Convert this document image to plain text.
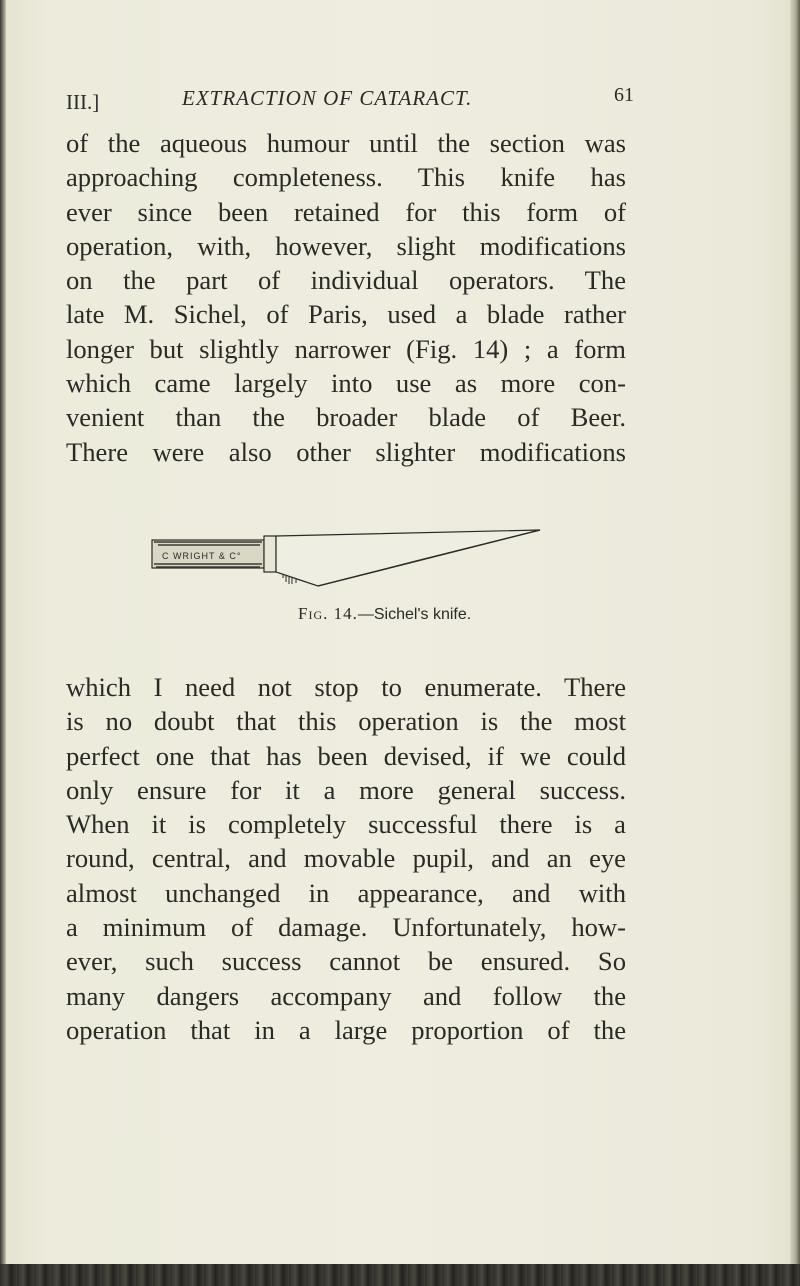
III.]	EXTRACTION OF CATARACT.	61
of the aqueous humour until the section was
approaching completeness. This knife has
ever since been retained for this form of
operation, with, however, slight modifications
on the part of individual operators. The
late M. Sichel, of Paris, used a blade rather
longer but slightly narrower (Fig. 14) ; a form
which came largely into use as more con-
venient than the broader blade of Beer.
There were also other slighter modifications
C WRIGHT & C°
Fig. 14.—Sichel's knife.
which I need not stop to enumerate. There
is no doubt that this operation is the most
perfect one that has been devised, if we could
only ensure for it a more general success.
When it is completely successful there is a
round, central, and movable pupil, and an eye
almost unchanged in appearance, and with
a minimum of damage. Unfortunately, how-
ever, such success cannot be ensured. So
many dangers accompany and follow the
operation that in a large proportion of the
